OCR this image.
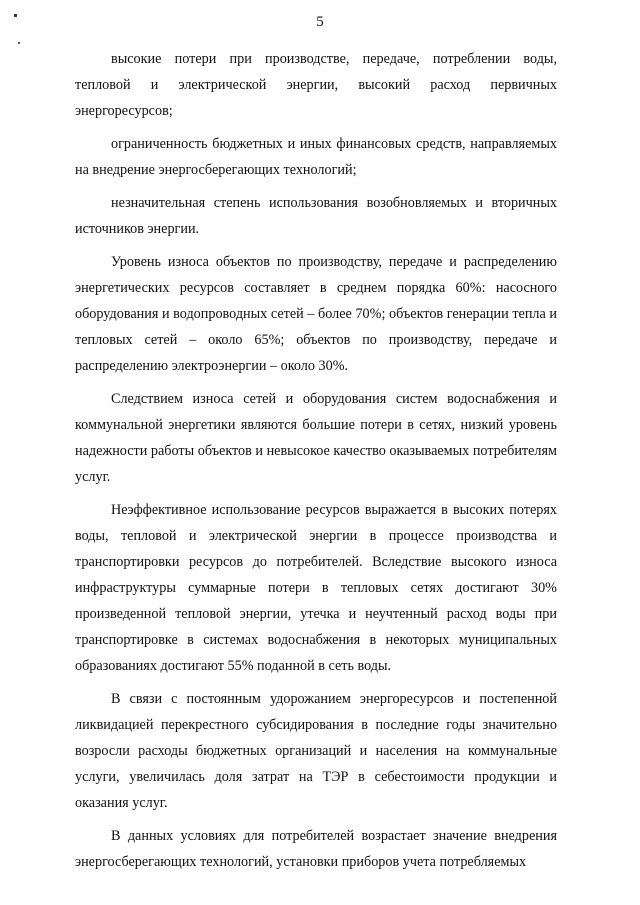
5

высокие потери при производстве, передаче, потреблении воды, тепловой и электрической энергии, высокий расход первичных энергоресурсов;

ограниченность бюджетных и иных финансовых средств, направляемых на внедрение энергосберегающих технологий;

незначительная степень использования возобновляемых и вторичных источников энергии.

Уровень износа объектов по производству, передаче и распределению энергетических ресурсов составляет в среднем порядка 60%: насосного оборудования и водопроводных сетей – более 70%; объектов генерации тепла и тепловых сетей – около 65%; объектов по производству, передаче и распределению электроэнергии – около 30%.

Следствием износа сетей и оборудования систем водоснабжения и коммунальной энергетики являются большие потери в сетях, низкий уровень надежности работы объектов и невысокое качество оказываемых потребителям услуг.

Неэффективное использование ресурсов выражается в высоких потерях воды, тепловой и электрической энергии в процессе производства и транспортировки ресурсов до потребителей. Вследствие высокого износа инфраструктуры суммарные потери в тепловых сетях достигают 30% произведенной тепловой энергии, утечка и неучтенный расход воды при транспортировке в системах водоснабжения в некоторых муниципальных образованиях достигают 55% поданной в сеть воды.

В связи с постоянным удорожанием энергоресурсов и постепенной ликвидацией перекрестного субсидирования в последние годы значительно возросли расходы бюджетных организаций и населения на коммунальные услуги, увеличилась доля затрат на ТЭР в себестоимости продукции и оказания услуг.

В данных условиях для потребителей возрастает значение внедрения энергосберегающих технологий, установки приборов учета потребляемых
